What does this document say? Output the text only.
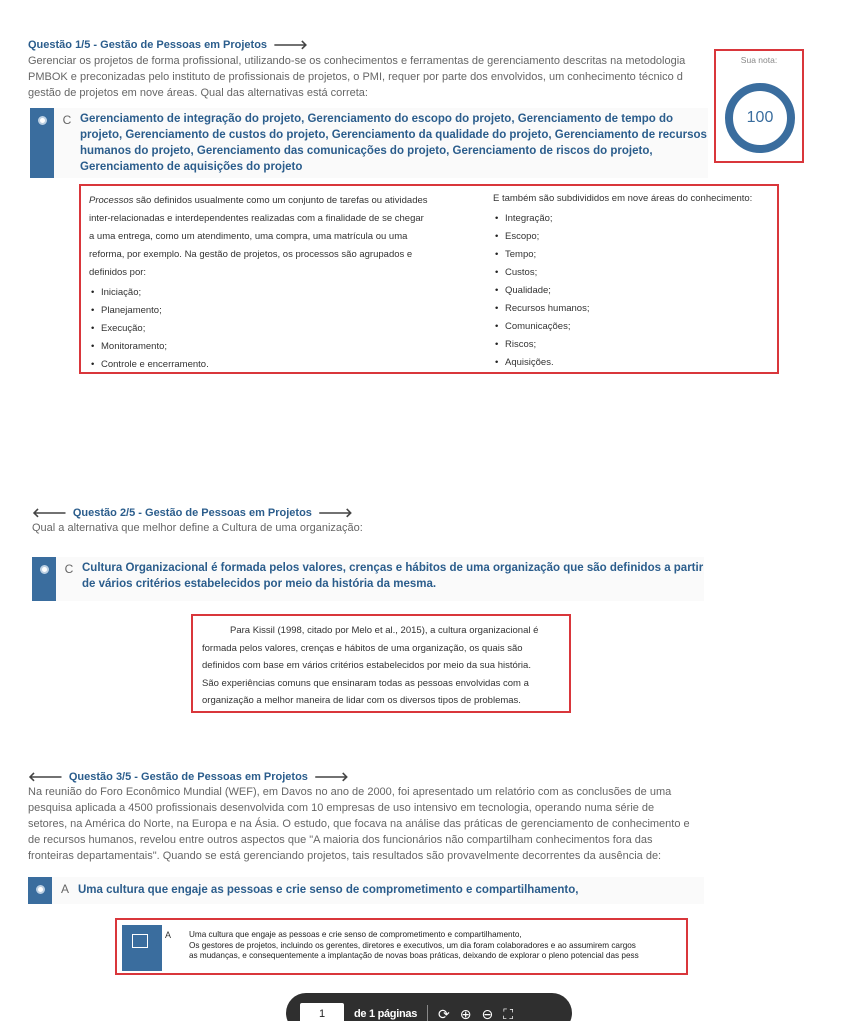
Questão 1/5 - Gestão de Pessoas em Projetos 🡒
Gerenciar os projetos de forma profissional, utilizando-se os conhecimentos e ferramentas de gerenciamento descritas na metodologia
PMBOK e preconizadas pelo instituto de profissionais de projetos, o PMI, requer por parte dos envolvidos, um conhecimento técnico d
gestão de projetos em nove áreas. Qual das alternativas está correta:
Sua nota:
100
C Gerenciamento de integração do projeto, Gerenciamento do escopo do projeto, Gerenciamento de tempo do
projeto, Gerenciamento de custos do projeto, Gerenciamento da qualidade do projeto, Gerenciamento de recursos
humanos do projeto, Gerenciamento das comunicações do projeto, Gerenciamento de riscos do projeto,
Gerenciamento de aquisições do projeto
Processos são definidos usualmente como um conjunto de tarefas ou atividades
inter-relacionadas e interdependentes realizadas com a finalidade de se chegar
a uma entrega, como um atendimento, uma compra, uma matrícula ou uma
reforma, por exemplo. Na gestão de projetos, os processos são agrupados e
definidos por:
• Iniciação;
• Planejamento;
• Execução;
• Monitoramento;
• Controle e encerramento.
E também são subdivididos em nove áreas do conhecimento:
• Integração;
• Escopo;
• Tempo;
• Custos;
• Qualidade;
• Recursos humanos;
• Comunicações;
• Riscos;
• Aquisições.
🡐 Questão 2/5 - Gestão de Pessoas em Projetos 🡒
Qual a alternativa que melhor define a Cultura de uma organização:
C Cultura Organizacional é formada pelos valores, crenças e hábitos de uma organização que são definidos a partir
de vários critérios estabelecidos por meio da história da mesma.
Para Kissil (1998, citado por Melo et al., 2015), a cultura organizacional é
formada pelos valores, crenças e hábitos de uma organização, os quais são
definidos com base em vários critérios estabelecidos por meio da sua história.
São experiências comuns que ensinaram todas as pessoas envolvidas com a
organização a melhor maneira de lidar com os diversos tipos de problemas.
🡐 Questão 3/5 - Gestão de Pessoas em Projetos 🡒
Na reunião do Foro Econômico Mundial (WEF), em Davos no ano de 2000, foi apresentado um relatório com as conclusões de uma
pesquisa aplicada a 4500 profissionais desenvolvida com 10 empresas de uso intensivo em tecnologia, operando numa série de
setores, na América do Norte, na Europa e na Ásia. O estudo, que focava na análise das práticas de gerenciamento de conhecimento e
de recursos humanos, revelou entre outros aspectos que "A maioria dos funcionários não compartilham conhecimentos fora das
fronteiras departamentais". Quando se está gerenciando projetos, tais resultados são provavelmente decorrentes da ausência de:
A Uma cultura que engaje as pessoas e crie senso de comprometimento e compartilhamento,
A Uma cultura que engaje as pessoas e crie senso de comprometimento e compartilhamento,
Os gestores de projetos, incluindo os gerentes, diretores e executivos, um dia foram colaboradores e ao assumirem cargos
as mudanças, e consequentemente a implantação de novas boas práticas, deixando de explorar o pleno potencial das pess
1	de 1 páginas ⟳ ⊕ ⊖ ⛶
